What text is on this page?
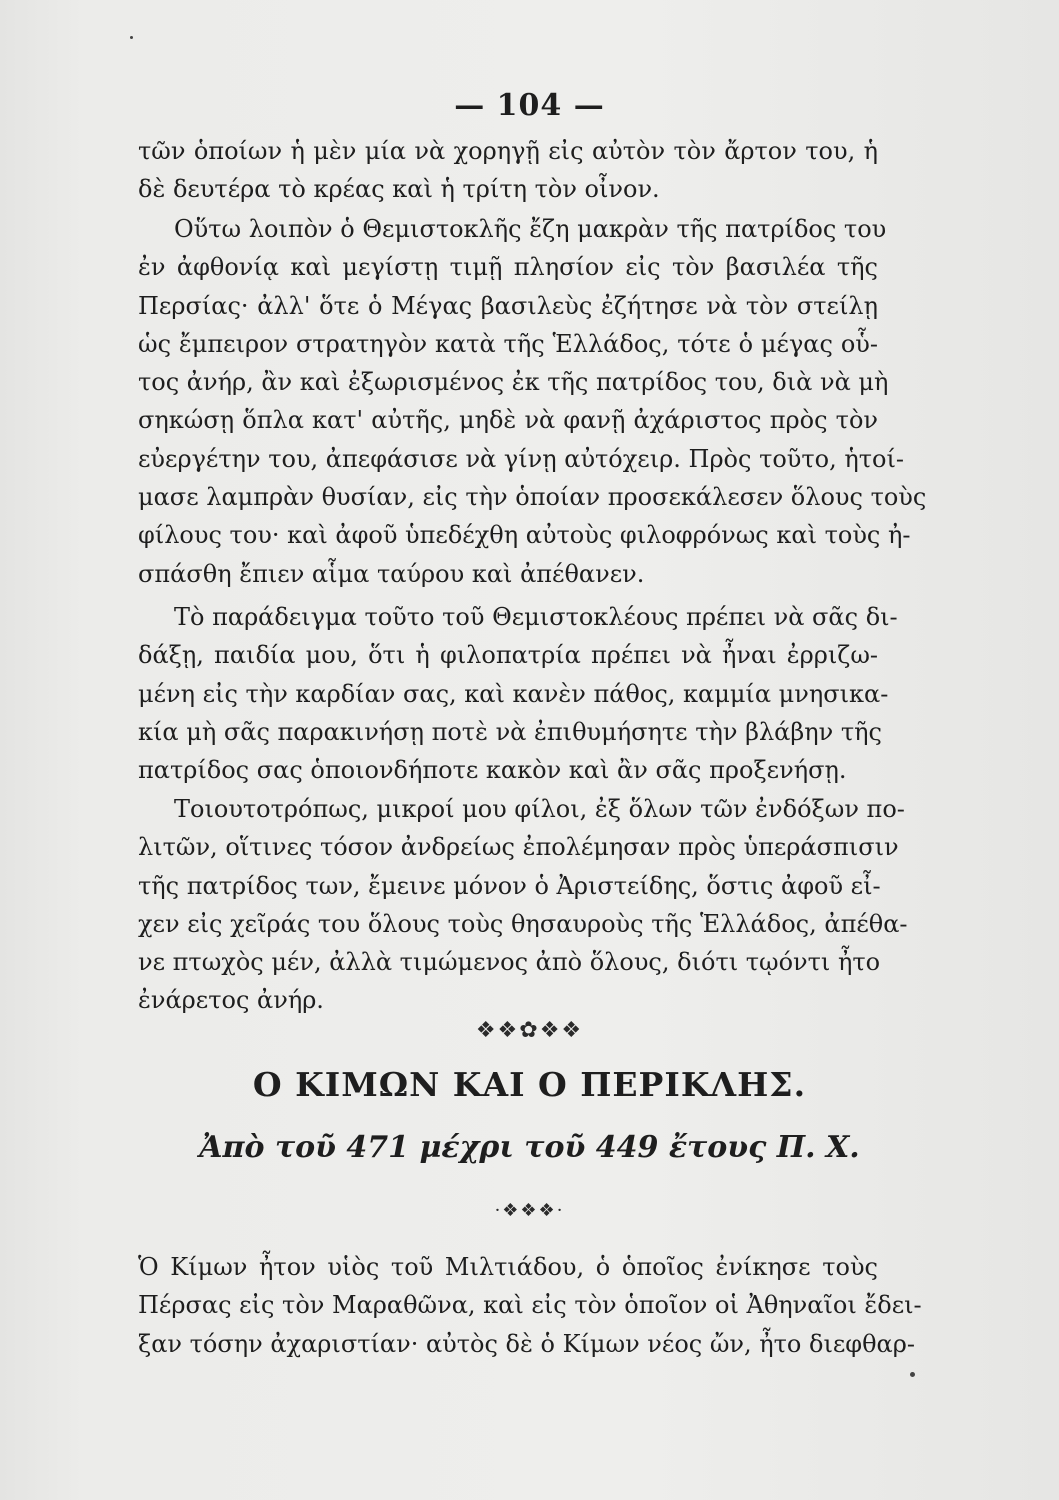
— 104 —
τῶν ὁποίων ἡ μὲν μία νὰ χορηγῇ εἰς αὐτὸν τὸν ἄρτον του, ἡ
δὲ δευτέρα τὸ κρέας καὶ ἡ τρίτη τὸν οἶνον.
Οὕτω λοιπὸν ὁ Θεμιστοκλῆς ἔζη μακρὰν τῆς πατρίδος του
ἐν ἀφθονίᾳ καὶ μεγίστῃ τιμῇ πλησίον εἰς τὸν βασιλέα τῆς
Περσίας· ἀλλ' ὅτε ὁ Μέγας βασιλεὺς ἐζήτησε νὰ τὸν στείλῃ
ὡς ἔμπειρον στρατηγὸν κατὰ τῆς Ἑλλάδος, τότε ὁ μέγας οὗ-
τος ἀνήρ, ἂν καὶ ἐξωρισμένος ἐκ τῆς πατρίδος του, διὰ νὰ μὴ
σηκώσῃ ὅπλα κατ' αὐτῆς, μηδὲ νὰ φανῇ ἀχάριστος πρὸς τὸν
εὐεργέτην του, ἀπεφάσισε νὰ γίνῃ αὐτόχειρ. Πρὸς τοῦτο, ἡτοί-
μασε λαμπρὰν θυσίαν, εἰς τὴν ὁποίαν προσεκάλεσεν ὅλους τοὺς
φίλους του· καὶ ἀφοῦ ὑπεδέχθη αὐτοὺς φιλοφρόνως καὶ τοὺς ἠ-
σπάσθη ἔπιεν αἷμα ταύρου καὶ ἀπέθανεν.
Τὸ παράδειγμα τοῦτο τοῦ Θεμιστοκλέους πρέπει νὰ σᾶς δι-
δάξῃ, παιδία μου, ὅτι ἡ φιλοπατρία πρέπει νὰ ἦναι ἐρριζω-
μένη εἰς τὴν καρδίαν σας, καὶ κανὲν πάθος, καμμία μνησικα-
κία μὴ σᾶς παρακινήσῃ ποτὲ νὰ ἐπιθυμήσητε τὴν βλάβην τῆς
πατρίδος σας ὁποιονδήποτε κακὸν καὶ ἂν σᾶς προξενήσῃ.
Τοιουτοτρόπως, μικροί μου φίλοι, ἐξ ὅλων τῶν ἐνδόξων πο-
λιτῶν, οἵτινες τόσον ἀνδρείως ἐπολέμησαν πρὸς ὑπεράσπισιν
τῆς πατρίδος των, ἔμεινε μόνον ὁ Ἀριστείδης, ὅστις ἀφοῦ εἶ-
χεν εἰς χεῖράς του ὅλους τοὺς θησαυροὺς τῆς Ἑλλάδος, ἀπέθα-
νε πτωχὸς μέν, ἀλλὰ τιμώμενος ἀπὸ ὅλους, διότι τῳόντι ἦτο
ἐνάρετος ἀνήρ.
❖❖✿❖❖
Ο ΚΙΜΩΝ ΚΑΙ Ο ΠΕΡΙΚΛΗΣ.
Ἀπὸ τοῦ 471 μέχρι τοῦ 449 ἔτους Π. Χ.
·❖❖❖·
Ὁ Κίμων ἦτον υἱὸς τοῦ Μιλτιάδου, ὁ ὁποῖος ἐνίκησε τοὺς
Πέρσας εἰς τὸν Μαραθῶνα, καὶ εἰς τὸν ὁποῖον οἱ Ἀθηναῖοι ἔδει-
ξαν τόσην ἀχαριστίαν· αὐτὸς δὲ ὁ Κίμων νέος ὤν, ἦτο διεφθαρ-
